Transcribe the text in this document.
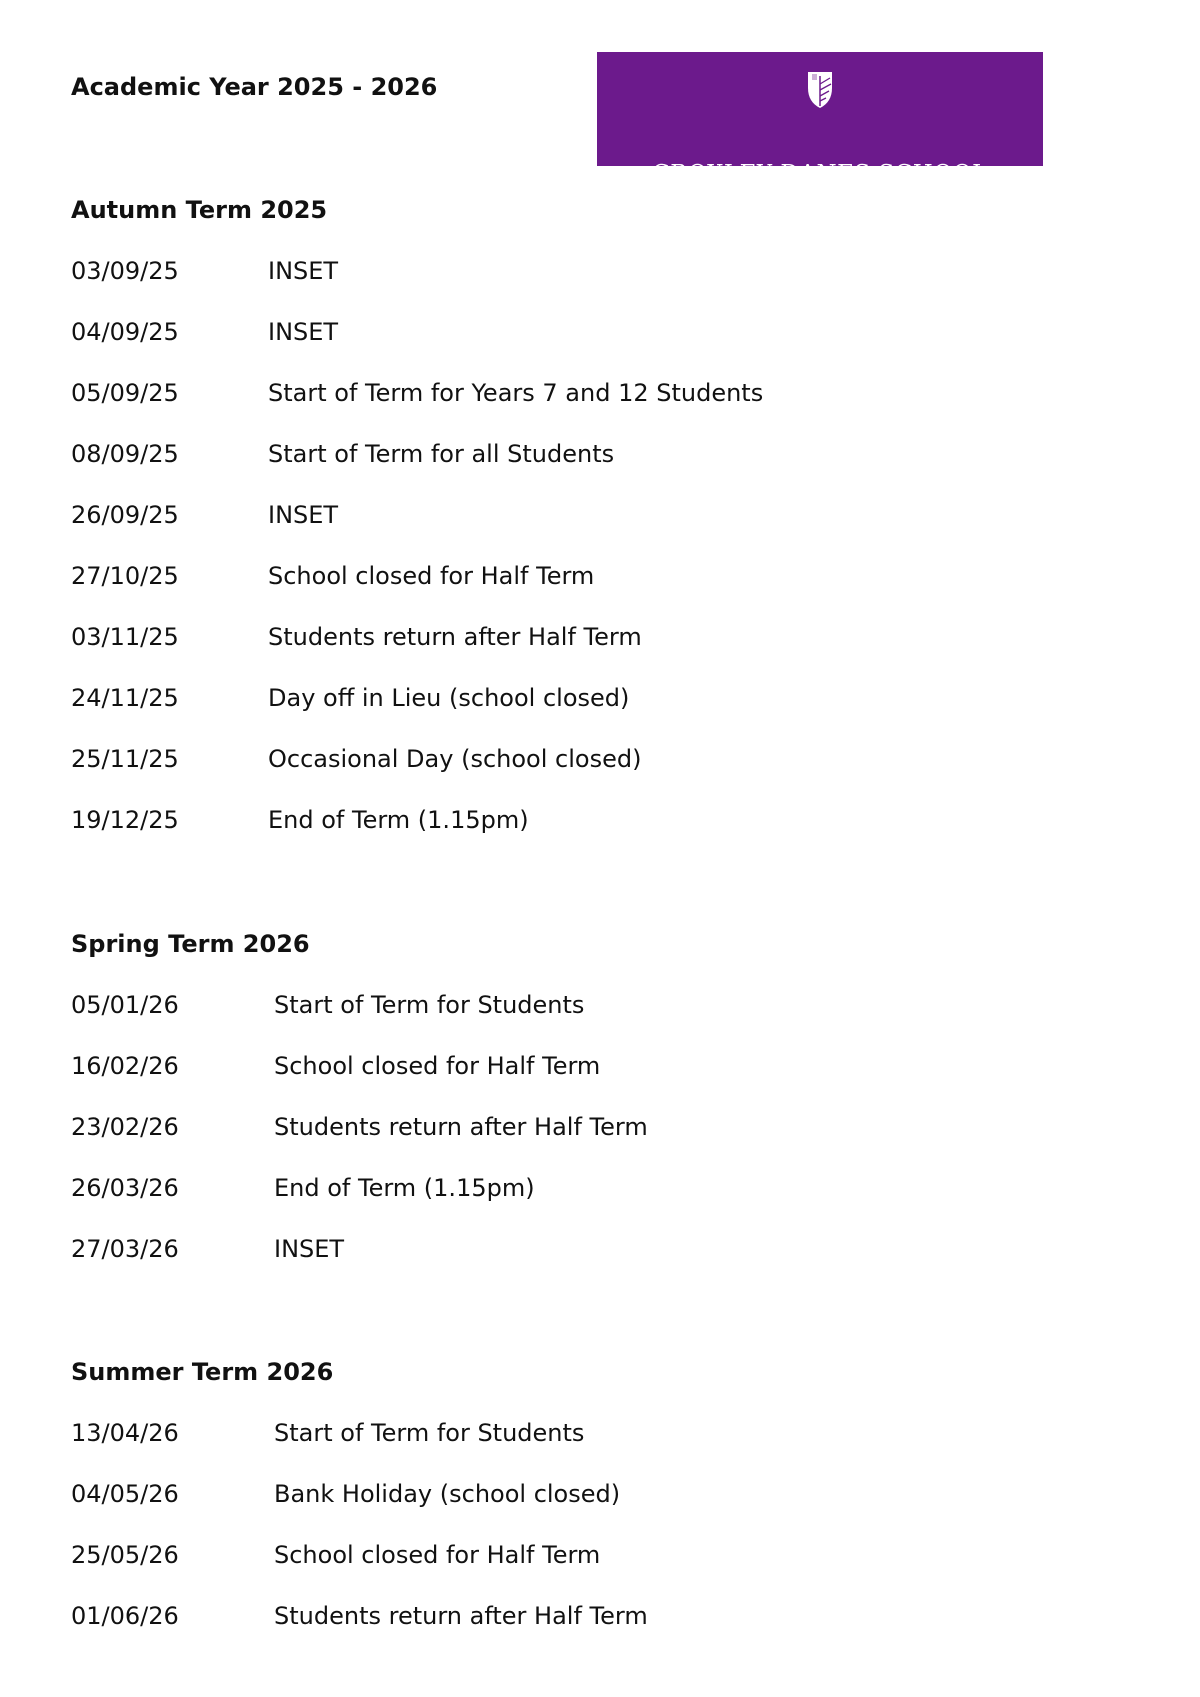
Academic Year 2025 - 2026
CROXLEY DANES SCHOOL
Autumn Term 2025
03/09/25	INSET
04/09/25	INSET
05/09/25	Start of Term for Years 7 and 12 Students
08/09/25	Start of Term for all Students
26/09/25	INSET
27/10/25	School closed for Half Term
03/11/25	Students return after Half Term
24/11/25	Day off in Lieu (school closed)
25/11/25	Occasional Day (school closed)
19/12/25	End of Term (1.15pm)
Spring Term 2026
05/01/26	Start of Term for Students
16/02/26	School closed for Half Term
23/02/26	Students return after Half Term
26/03/26	End of Term (1.15pm)
27/03/26	INSET
Summer Term 2026
13/04/26	Start of Term for Students
04/05/26	Bank Holiday (school closed)
25/05/26	School closed for Half Term
01/06/26	Students return after Half Term
